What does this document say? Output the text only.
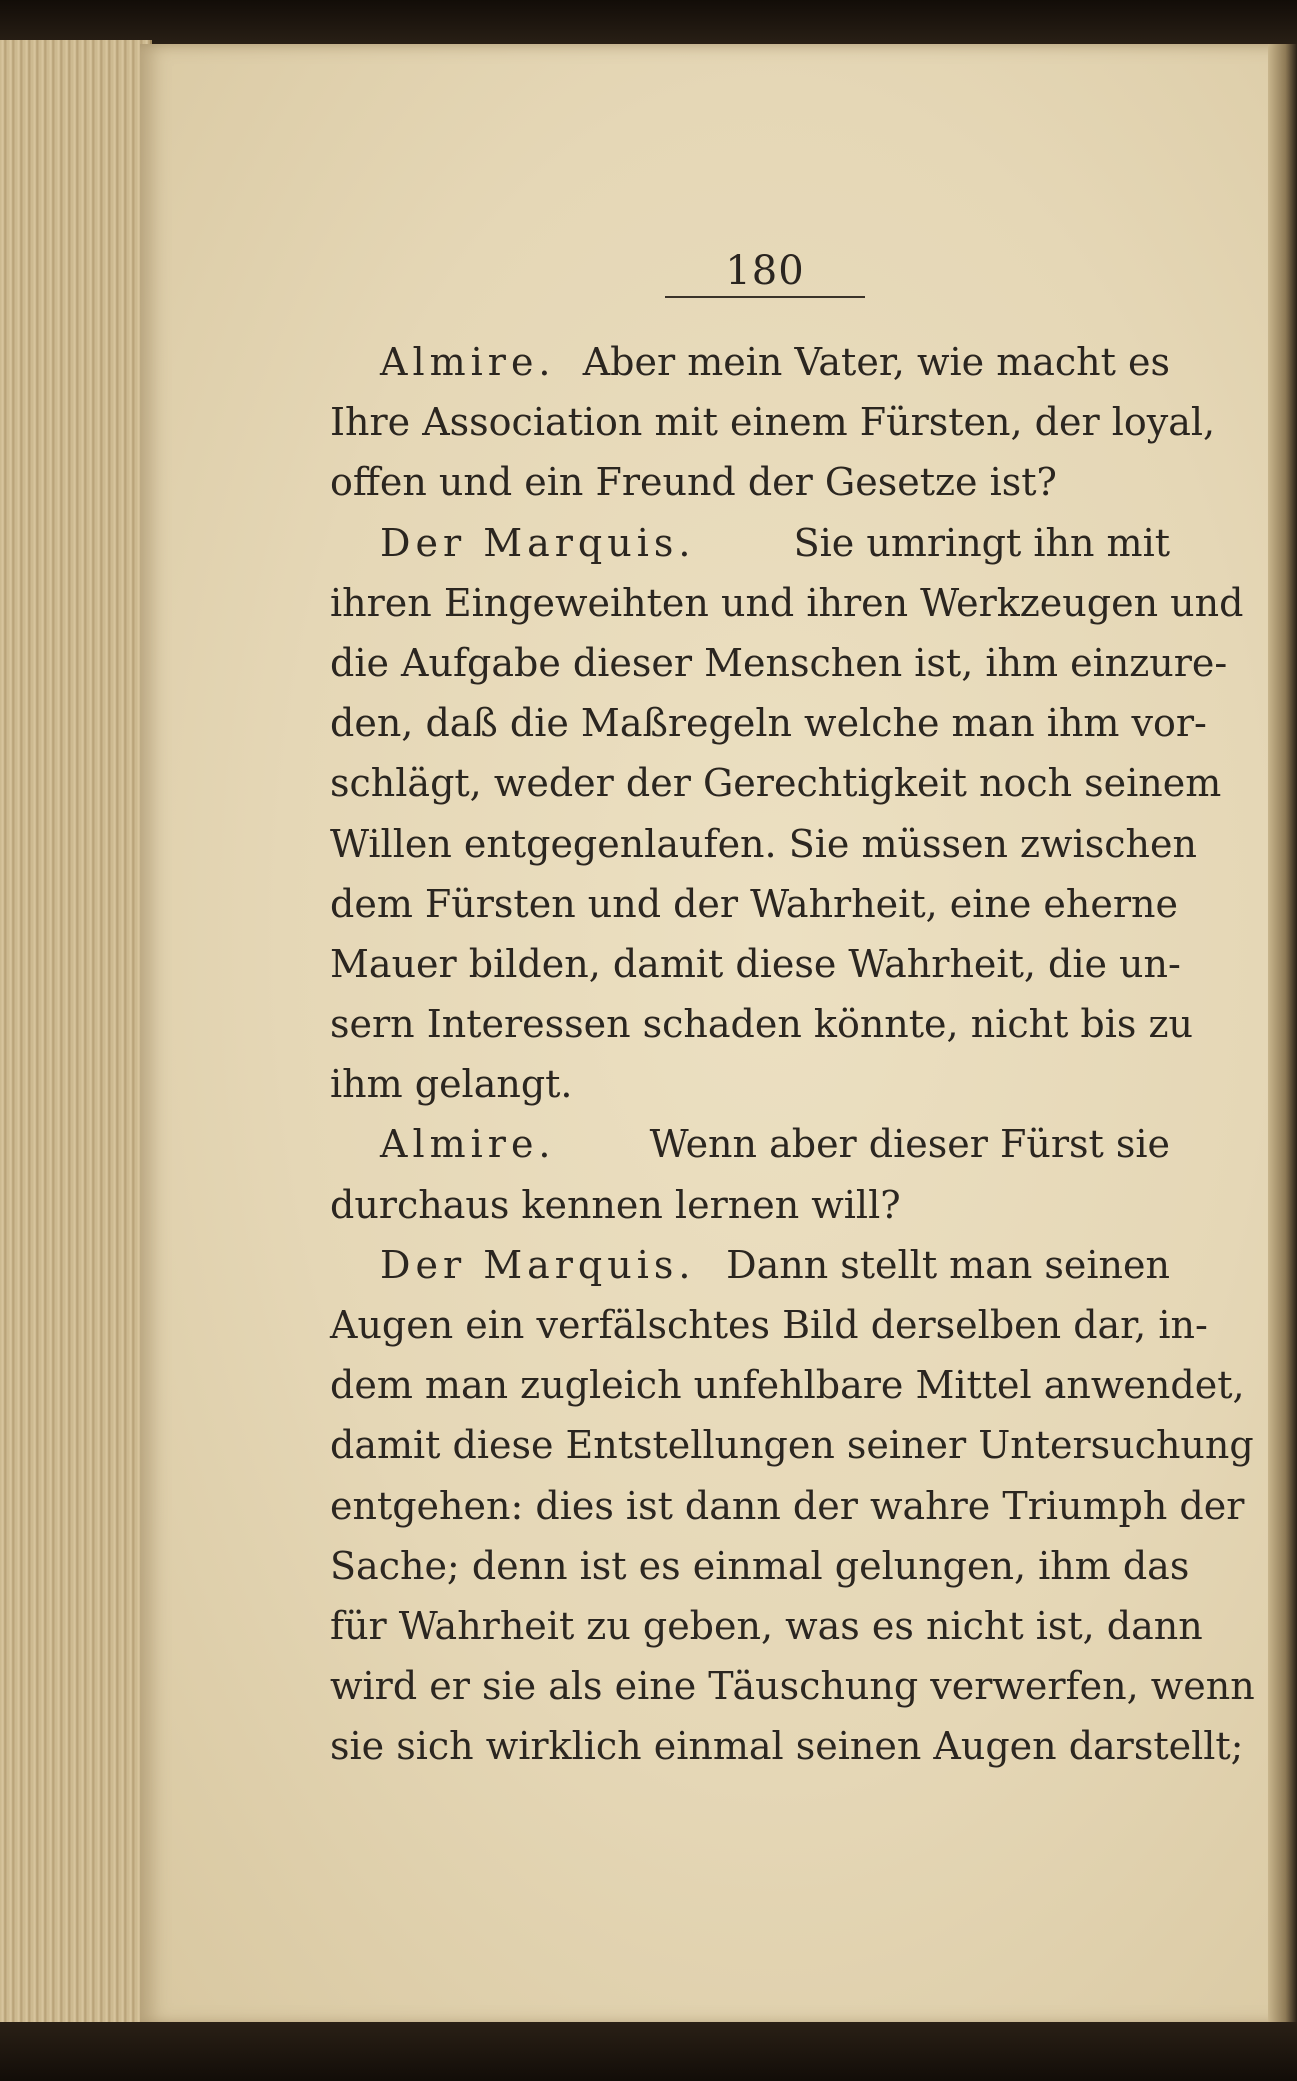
180
Almire. Aber mein Vater, wie macht es
Ihre Association mit einem Fürsten, der loyal,
offen und ein Freund der Gesetze ist?
Der Marquis.	Sie umringt ihn mit
ihren Eingeweihten und ihren Werkzeugen und
die Aufgabe dieser Menschen ist, ihm einzure-
den, daß die Maßregeln welche man ihm vor-
schlägt, weder der Gerechtigkeit noch seinem
Willen entgegenlaufen. Sie müssen zwischen
dem Fürsten und der Wahrheit, eine eherne
Mauer bilden, damit diese Wahrheit, die un-
sern Interessen schaden könnte, nicht bis zu
ihm gelangt.
Almire. Wenn aber dieser Fürst sie
durchaus kennen lernen will?
Der Marquis. Dann stellt man seinen
Augen ein verfälschtes Bild derselben dar, in-
dem man zugleich unfehlbare Mittel anwendet,
damit diese Entstellungen seiner Untersuchung
entgehen: dies ist dann der wahre Triumph der
Sache; denn ist es einmal gelungen, ihm das
für Wahrheit zu geben, was es nicht ist, dann
wird er sie als eine Täuschung verwerfen, wenn
sie sich wirklich einmal seinen Augen darstellt;
